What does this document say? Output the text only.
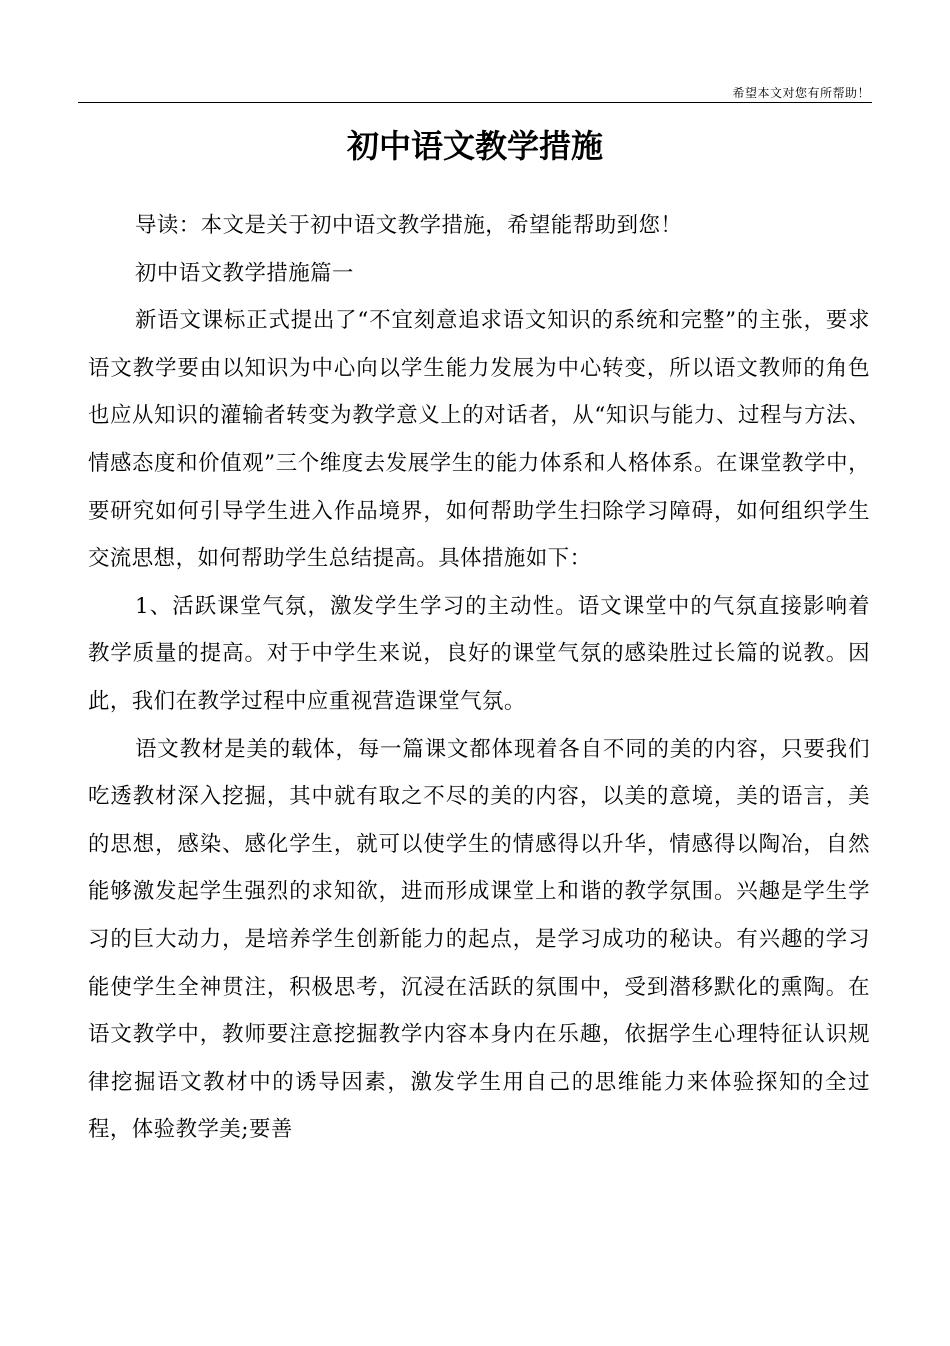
希望本文对您有所帮助！
初中语文教学措施

导读：本文是关于初中语文教学措施，希望能帮助到您！

初中语文教学措施篇一

新语文课标正式提出了“不宜刻意追求语文知识的系统和完整”的主张，要求语文教学要由以知识为中心向以学生能力发展为中心转变，所以语文教师的角色也应从知识的灌输者转变为教学意义上的对话者，从“知识与能力、过程与方法、情感态度和价值观”三个维度去发展学生的能力体系和人格体系。在课堂教学中，要研究如何引导学生进入作品境界，如何帮助学生扫除学习障碍，如何组织学生交流思想，如何帮助学生总结提高。具体措施如下：

1、活跃课堂气氛，激发学生学习的主动性。语文课堂中的气氛直接影响着教学质量的提高。对于中学生来说，良好的课堂气氛的感染胜过长篇的说教。因此，我们在教学过程中应重视营造课堂气氛。

语文教材是美的载体，每一篇课文都体现着各自不同的美的内容，只要我们吃透教材深入挖掘，其中就有取之不尽的美的内容，以美的意境，美的语言，美的思想，感染、感化学生，就可以使学生的情感得以升华，情感得以陶冶，自然能够激发起学生强烈的求知欲，进而形成课堂上和谐的教学氛围。兴趣是学生学习的巨大动力，是培养学生创新能力的起点，是学习成功的秘诀。有兴趣的学习能使学生全神贯注，积极思考，沉浸在活跃的氛围中，受到潜移默化的熏陶。在语文教学中，教师要注意挖掘教学内容本身内在乐趣，依据学生心理特征认识规律挖掘语文教材中的诱导因素，激发学生用自己的思维能力来体验探知的全过程，体验教学美;要善
